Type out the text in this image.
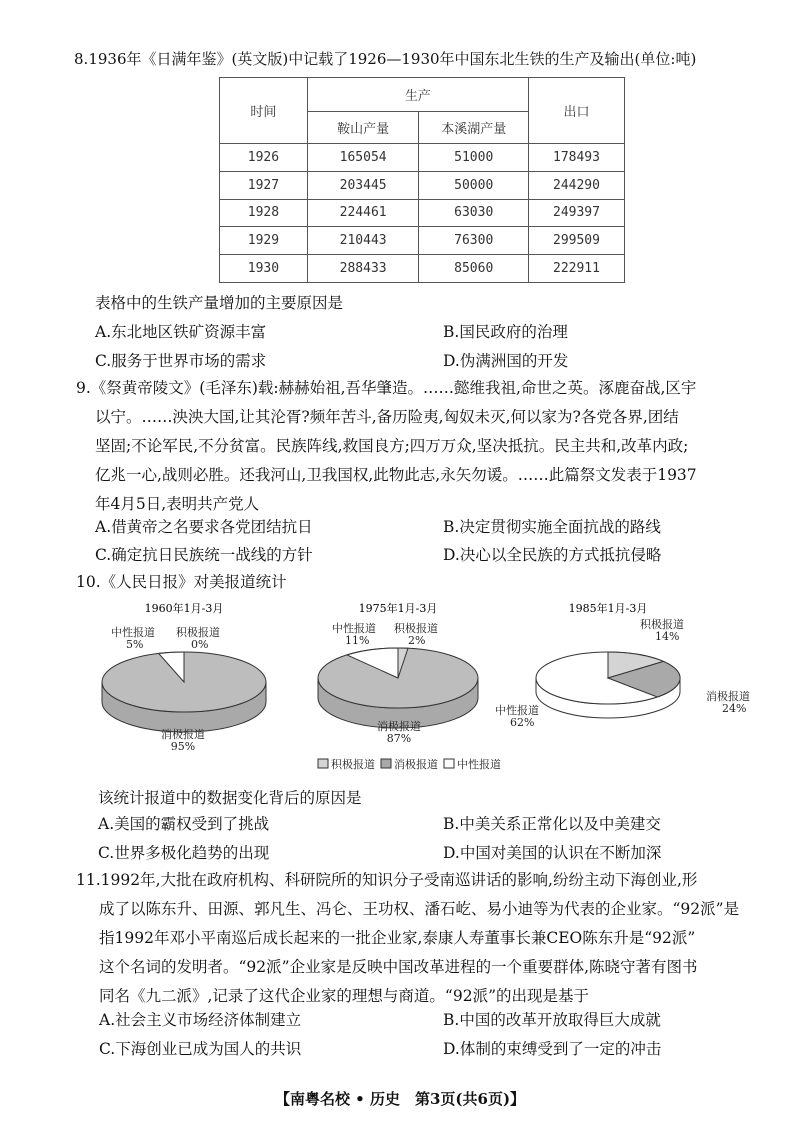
8.1936年《日满年鉴》(英文版)中记载了1926—1930年中国东北生铁的生产及输出(单位:吨)
时间	生产		出口
	鞍山产量	本溪湖产量	
1926	165054	51000	178493
1927	203445	50000	244290
1928	224461	63030	249397
1929	210443	76300	299509
1930	288433	85060	222911
表格中的生铁产量增加的主要原因是
A.东北地区铁矿资源丰富	B.国民政府的治理
C.服务于世界市场的需求	D.伪满洲国的开发
9.《祭黄帝陵文》(毛泽东)载:赫赫始祖,吾华肇造。……懿维我祖,命世之英。涿鹿奋战,区宇
以宁。……泱泱大国,让其沦胥?频年苦斗,备历险夷,匈奴未灭,何以家为?各党各界,团结
坚固;不论军民,不分贫富。民族阵线,救国良方;四万万众,坚决抵抗。民主共和,改革内政;
亿兆一心,战则必胜。还我河山,卫我国权,此物此志,永矢勿谖。……此篇祭文发表于1937
年4月5日,表明共产党人
A.借黄帝之名要求各党团结抗日	B.决定贯彻实施全面抗战的路线
C.确定抗日民族统一战线的方针	D.决心以全民族的方式抵抗侵略
10.《人民日报》对美报道统计
1960年1月-3月
中性报道
5%
积极报道
0%
消极报道
95%
1975年1月-3月
中性报道
11%
积极报道
2%
消极报道
87%
1985年1月-3月
积极报道
14%
消极报道
24%
中性报道
62%
积极报道 消极报道 中性报道
该统计报道中的数据变化背后的原因是
A.美国的霸权受到了挑战	B.中美关系正常化以及中美建交
C.世界多极化趋势的出现	D.中国对美国的认识在不断加深
11.1992年,大批在政府机构、科研院所的知识分子受南巡讲话的影响,纷纷主动下海创业,形
成了以陈东升、田源、郭凡生、冯仑、王功权、潘石屹、易小迪等为代表的企业家。“92派”是
指1992年邓小平南巡后成长起来的一批企业家,泰康人寿董事长兼CEO陈东升是“92派”
这个名词的发明者。“92派”企业家是反映中国改革进程的一个重要群体,陈晓守著有图书
同名《九二派》,记录了这代企业家的理想与商道。“92派”的出现是基于
A.社会主义市场经济体制建立	B.中国的改革开放取得巨大成就
C.下海创业已成为国人的共识	D.体制的束缚受到了一定的冲击
【南粤名校 • 历史　第3页(共6页)】
